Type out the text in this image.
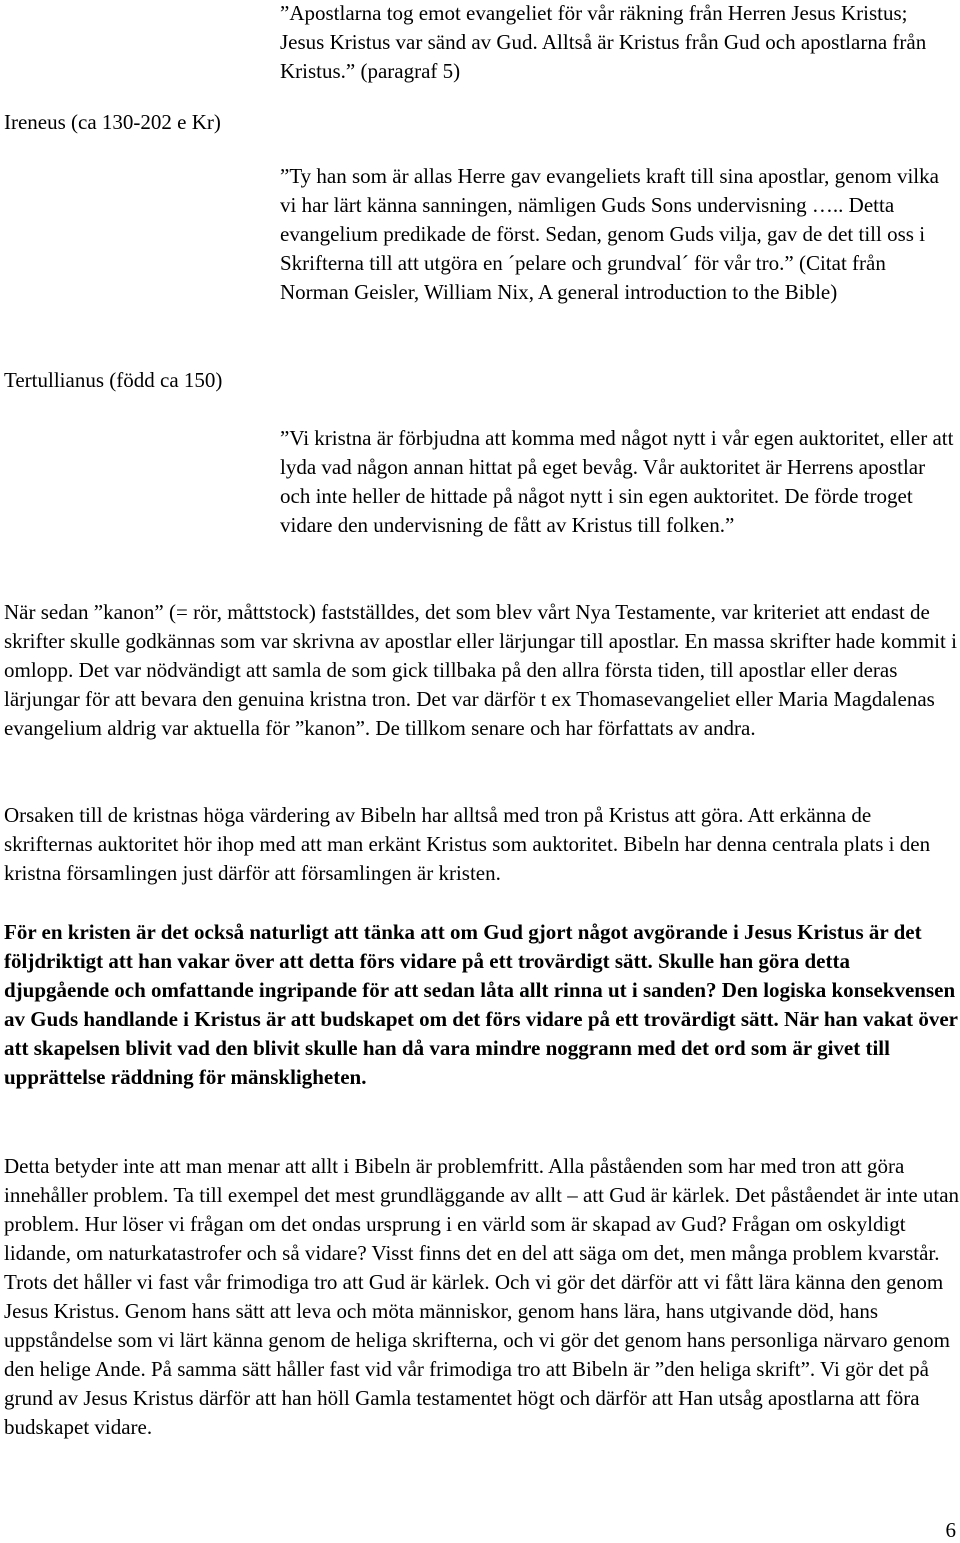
”Apostlarna tog emot evangeliet för vår räkning från Herren Jesus Kristus; Jesus Kristus var sänd av Gud. Alltså är Kristus från Gud och apostlarna från Kristus.” (paragraf 5)

Ireneus (ca 130-202 e Kr)

”Ty han som är allas Herre gav evangeliets kraft till sina apostlar, genom vilka vi har lärt känna sanningen, nämligen Guds Sons undervisning ….. Detta evangelium predikade de först. Sedan, genom Guds vilja, gav de det till oss i Skrifterna till att utgöra en ´pelare och grundval´ för vår tro.” (Citat från Norman Geisler, William Nix, A general introduction to the Bible)

Tertullianus (född ca 150)

”Vi kristna är förbjudna att komma med något nytt i vår egen auktoritet, eller att lyda vad någon annan hittat på eget bevåg. Vår auktoritet är Herrens apostlar och inte heller de hittade på något nytt i sin egen auktoritet. De förde troget vidare den undervisning de fått av Kristus till folken.”

När sedan ”kanon” (= rör, måttstock) fastställdes, det som blev vårt Nya Testamente, var kriteriet att endast de skrifter skulle godkännas som var skrivna av apostlar eller lärjungar till apostlar. En massa skrifter hade kommit i omlopp. Det var nödvändigt att samla de som gick tillbaka på den allra första tiden, till apostlar eller deras lärjungar för att bevara den genuina kristna tron. Det var därför t ex Thomasevangeliet eller Maria Magdalenas evangelium aldrig var aktuella för ”kanon”. De tillkom senare och har författats av andra.

Orsaken till de kristnas höga värdering av Bibeln har alltså med tron på Kristus att göra. Att erkänna de skrifternas auktoritet hör ihop med att man erkänt Kristus som auktoritet. Bibeln har denna centrala plats i den kristna församlingen just därför att församlingen är kristen.

För en kristen är det också naturligt att tänka att om Gud gjort något avgörande i Jesus Kristus är det följdriktigt att han vakar över att detta förs vidare på ett trovärdigt sätt. Skulle han göra detta djupgående och omfattande ingripande för att sedan låta allt rinna ut i sanden? Den logiska konsekvensen av Guds handlande i Kristus är att budskapet om det förs vidare på ett trovärdigt sätt. När han vakat över att skapelsen blivit vad den blivit skulle han då vara mindre noggrann med det ord som är givet till upprättelse räddning för mänskligheten.

Detta betyder inte att man menar att allt i Bibeln är problemfritt. Alla påståenden som har med tron att göra innehåller problem. Ta till exempel det mest grundläggande av allt – att Gud är kärlek. Det påståendet är inte utan problem. Hur löser vi frågan om det ondas ursprung i en värld som är skapad av Gud? Frågan om oskyldigt lidande, om naturkatastrofer och så vidare? Visst finns det en del att säga om det, men många problem kvarstår. Trots det håller vi fast vår frimodiga tro att Gud är kärlek. Och vi gör det därför att vi fått lära känna den genom Jesus Kristus. Genom hans sätt att leva och möta människor, genom hans lära, hans utgivande död, hans uppståndelse som vi lärt känna genom de heliga skrifterna, och vi gör det genom hans personliga närvaro genom den helige Ande. På samma sätt håller fast vid vår frimodiga tro att Bibeln är ”den heliga skrift”. Vi gör det på grund av Jesus Kristus därför att han höll Gamla testamentet högt och därför att Han utsåg apostlarna att föra budskapet vidare.

6
